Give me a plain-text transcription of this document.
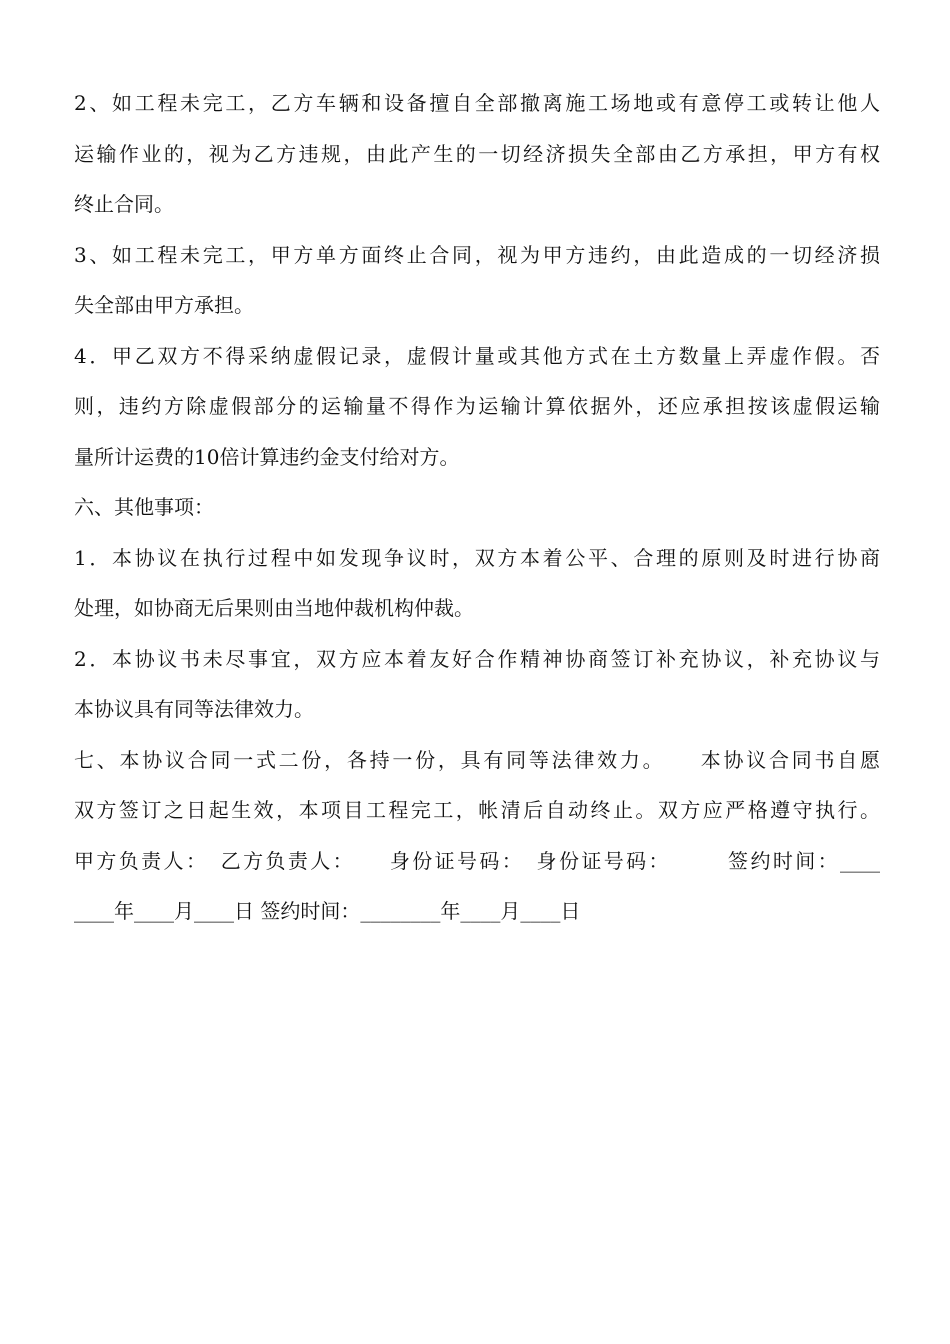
2、如工程未完工，乙方车辆和设备擅自全部撤离施工场地或有意停工或转让他人
运输作业的，视为乙方违规，由此产生的一切经济损失全部由乙方承担，甲方有权
终止合同。
3、如工程未完工，甲方单方面终止合同，视为甲方违约，由此造成的一切经济损
失全部由甲方承担。
4．甲乙双方不得采纳虚假记录，虚假计量或其他方式在土方数量上弄虚作假。否
则，违约方除虚假部分的运输量不得作为运输计算依据外，还应承担按该虚假运输
量所计运费的10倍计算违约金支付给对方。
六、其他事项：
1．本协议在执行过程中如发现争议时，双方本着公平、合理的原则及时进行协商
处理，如协商无后果则由当地仲裁机构仲裁。
2．本协议书未尽事宜，双方应本着友好合作精神协商签订补充协议，补充协议与
本协议具有同等法律效力。
七、本协议合同一式二份，各持一份，具有同等法律效力。　　本协议合同书自愿
双方签订之日起生效，本项目工程完工，帐清后自动终止。双方应严格遵守执行。
甲方负责人：　乙方负责人：　　身份证号码：　身份证号码：　　　签约时间：____
____年____月____日 签约时间：________年____月____日
